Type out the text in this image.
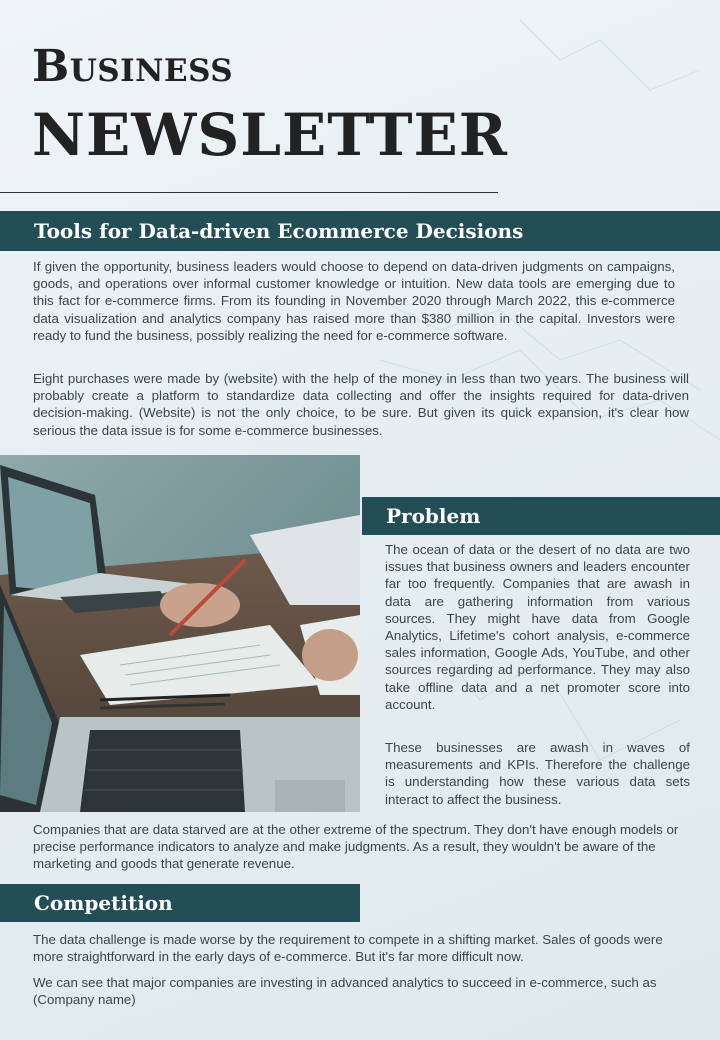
Business
NEWSLETTER
Tools for Data-driven Ecommerce Decisions

If given the opportunity, business leaders would choose to depend on data-driven judgments on campaigns, goods, and operations over informal customer knowledge or intuition. New data tools are emerging due to this fact for e-commerce firms. From its founding in November 2020 through March 2022, this e-commerce data visualization and analytics company has raised more than $380 million in the capital. Investors were ready to fund the business, possibly realizing the need for e-commerce software.

Eight purchases were made by (website) with the help of the money in less than two years. The business will probably create a platform to standardize data collecting and offer the insights required for data-driven decision-making. (Website) is not the only choice, to be sure. But given its quick expansion, it's clear how serious the data issue is for some e-commerce businesses.

Problem

The ocean of data or the desert of no data are two issues that business owners and leaders encounter far too frequently. Companies that are awash in data are gathering information from various sources. They might have data from Google Analytics, Lifetime's cohort analysis, e-commerce sales information, Google Ads, YouTube, and other sources regarding ad performance. They may also take offline data and a net promoter score into account.

These businesses are awash in waves of measurements and KPIs. Therefore the challenge is understanding how these various data sets interact to affect the business.

Companies that are data starved are at the other extreme of the spectrum. They don't have enough models or precise performance indicators to analyze and make judgments. As a result, they wouldn't be aware of the marketing and goods that generate revenue.

Competition

The data challenge is made worse by the requirement to compete in a shifting market. Sales of goods were more straightforward in the early days of e-commerce. But it's far more difficult now.

We can see that major companies are investing in advanced analytics to succeed in e-commerce, such as (Company name)
